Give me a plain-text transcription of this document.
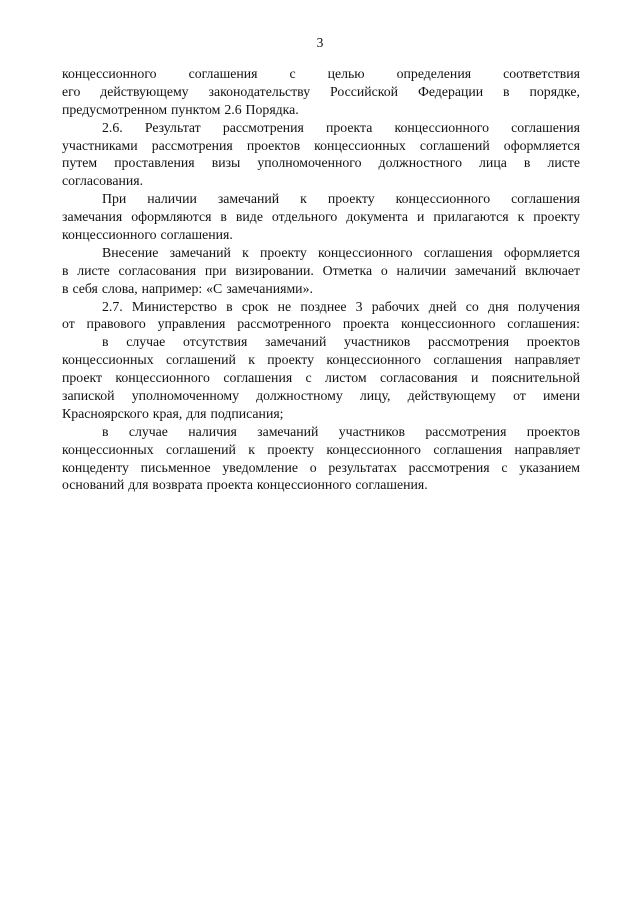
3
концессионного соглашения с целью определения соответствия
его действующему законодательству Российской Федерации в порядке,
предусмотренном пунктом 2.6 Порядка.
2.6. Результат рассмотрения проекта концессионного соглашения
участниками рассмотрения проектов концессионных соглашений оформляется
путем проставления визы уполномоченного должностного лица в листе
согласования.
При наличии замечаний к проекту концессионного соглашения
замечания оформляются в виде отдельного документа и прилагаются к проекту
концессионного соглашения.
Внесение замечаний к проекту концессионного соглашения оформляется
в листе согласования при визировании. Отметка о наличии замечаний включает
в себя слова, например: «С замечаниями».
2.7. Министерство в срок не позднее 3 рабочих дней со дня получения
от правового управления рассмотренного проекта концессионного соглашения:
в случае отсутствия замечаний участников рассмотрения проектов
концессионных соглашений к проекту концессионного соглашения направляет
проект концессионного соглашения с листом согласования и пояснительной
запиской уполномоченному должностному лицу, действующему от имени
Красноярского края, для подписания;
в случае наличия замечаний участников рассмотрения проектов
концессионных соглашений к проекту концессионного соглашения направляет
концеденту письменное уведомление о результатах рассмотрения с указанием
оснований для возврата проекта концессионного соглашения.
